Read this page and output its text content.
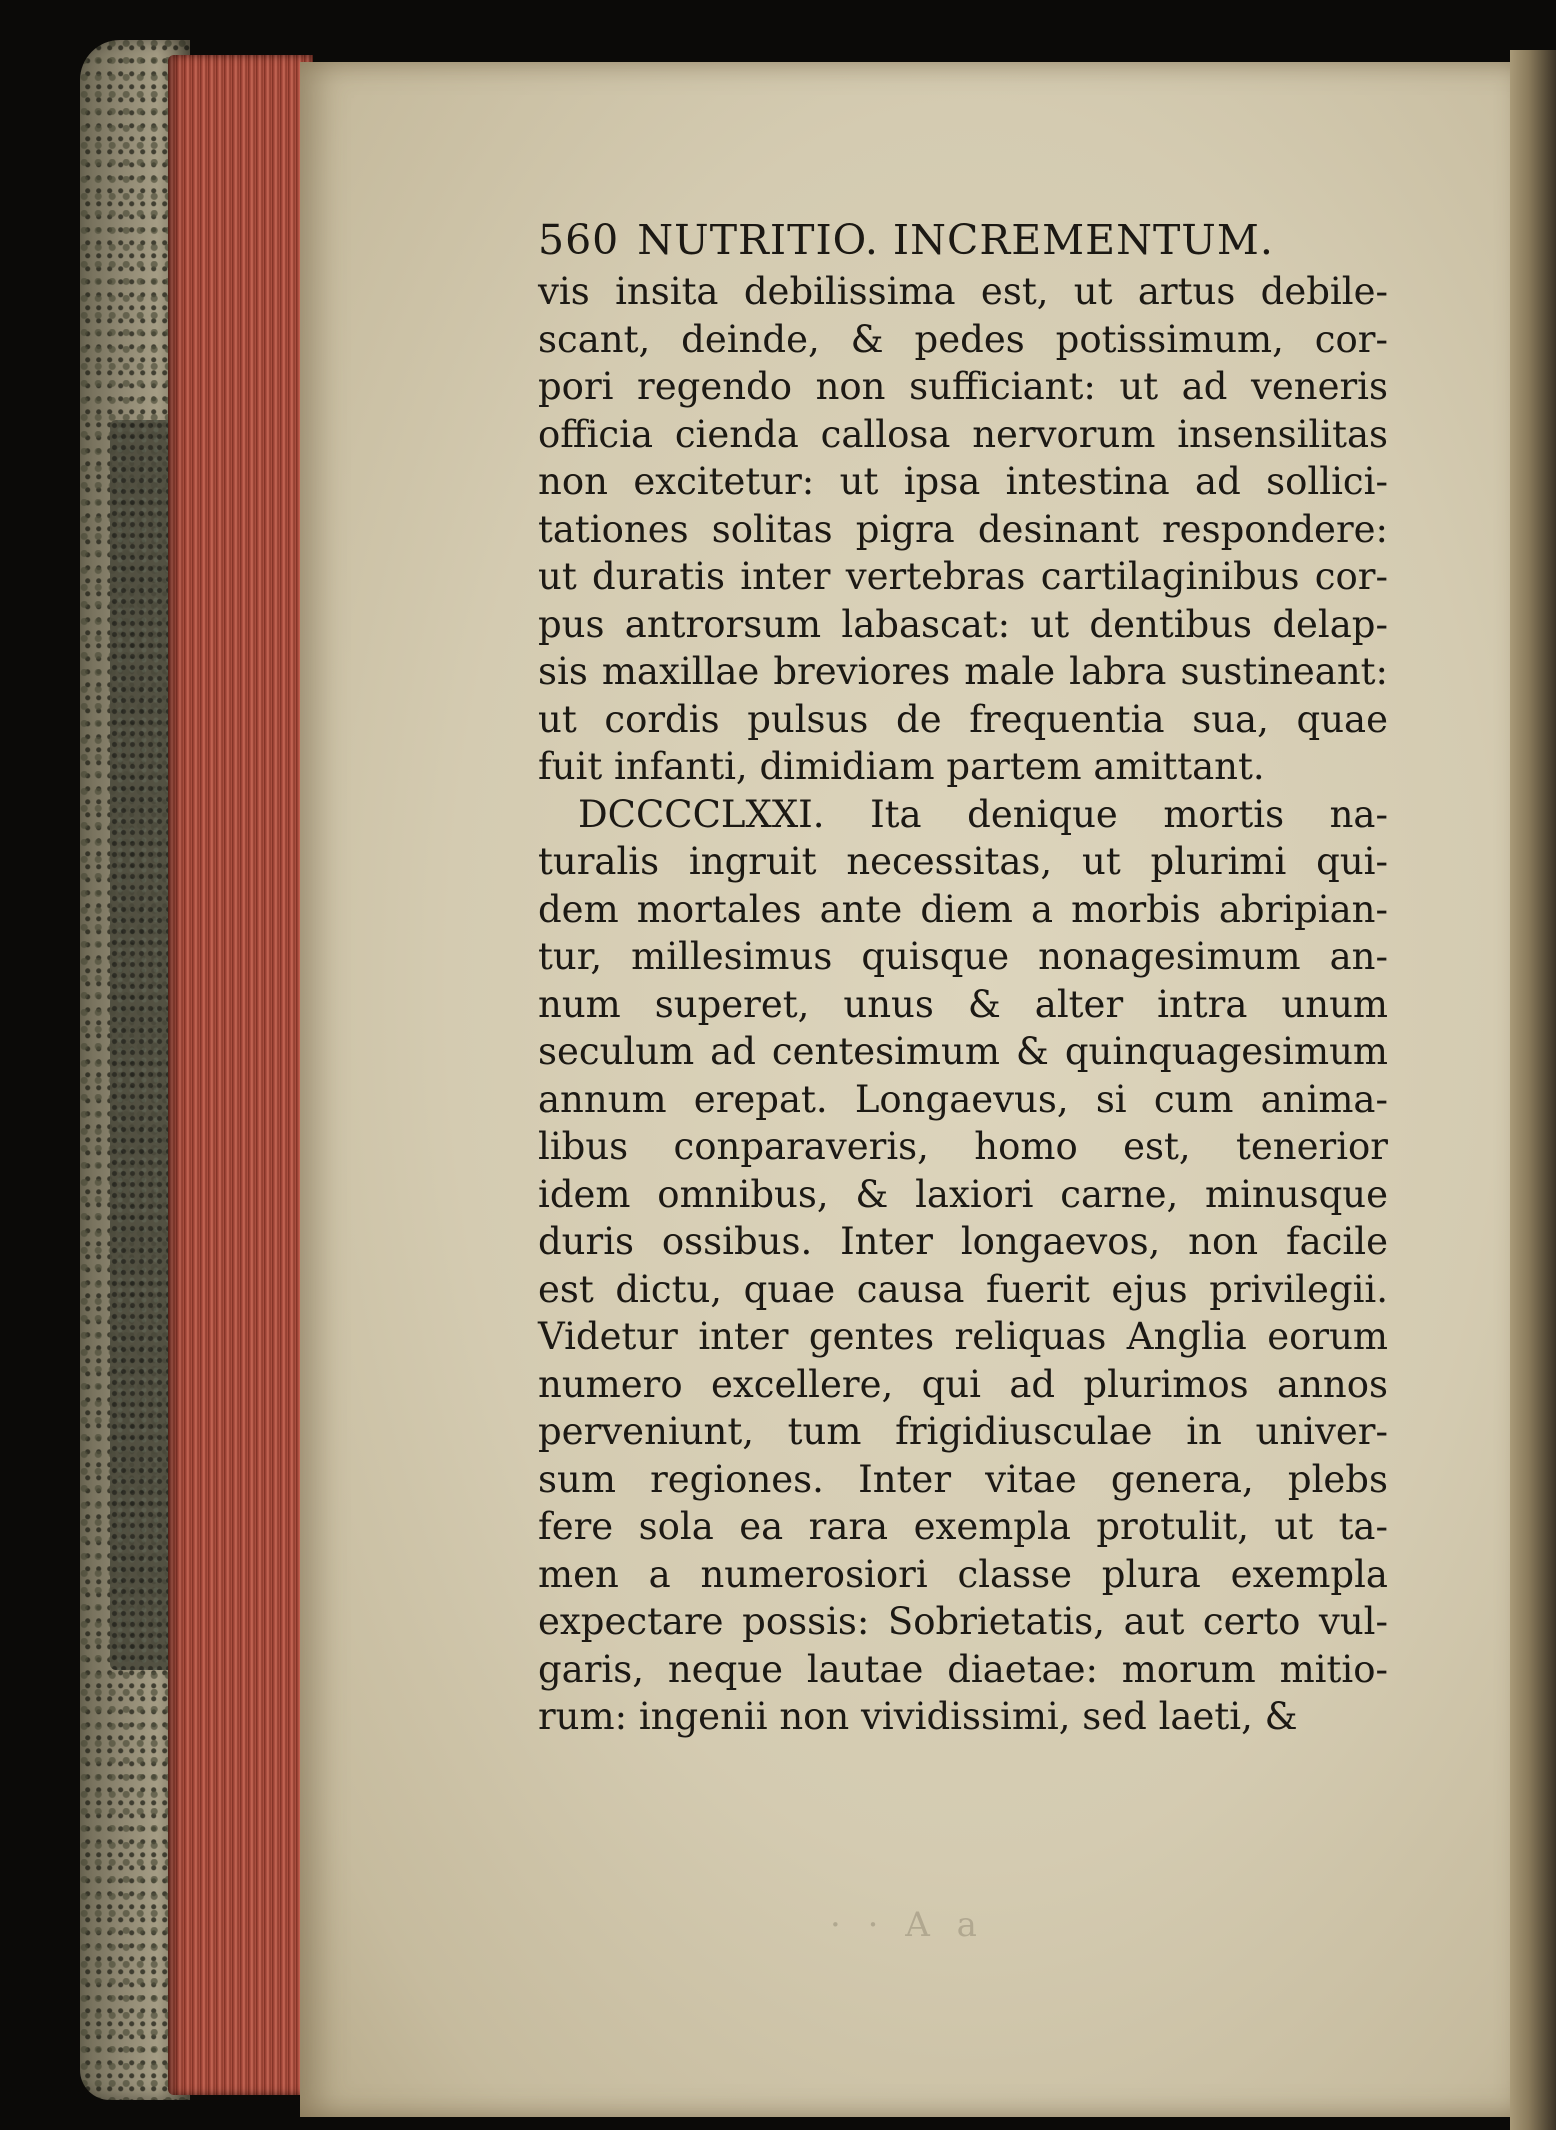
· · A a
560 NUTRITIO. INCREMENTUM.
vis insita debilissima est, ut artus debile-
scant, deinde, & pedes potissimum, cor-
pori regendo non sufficiant: ut ad veneris
officia cienda callosa nervorum insensilitas
non excitetur: ut ipsa intestina ad sollici-
tationes solitas pigra desinant respondere:
ut duratis inter vertebras cartilaginibus cor-
pus antrorsum labascat: ut dentibus delap-
sis maxillae breviores male labra sustineant:
ut cordis pulsus de frequentia sua, quae
fuit infanti, dimidiam partem amittant.
DCCCCLXXI. Ita denique mortis na-
turalis ingruit necessitas, ut plurimi qui-
dem mortales ante diem a morbis abripian-
tur, millesimus quisque nonagesimum an-
num superet, unus & alter intra unum
seculum ad centesimum & quinquagesimum
annum erepat. Longaevus, si cum anima-
libus conparaveris, homo est, tenerior
idem omnibus, & laxiori carne, minusque
duris ossibus. Inter longaevos, non facile
est dictu, quae causa fuerit ejus privilegii.
Videtur inter gentes reliquas Anglia eorum
numero excellere, qui ad plurimos annos
perveniunt, tum frigidiusculae in univer-
sum regiones. Inter vitae genera, plebs
fere sola ea rara exempla protulit, ut ta-
men a numerosiori classe plura exempla
expectare possis: Sobrietatis, aut certo vul-
garis, neque lautae diaetae: morum mitio-
rum: ingenii non vividissimi, sed laeti, &
